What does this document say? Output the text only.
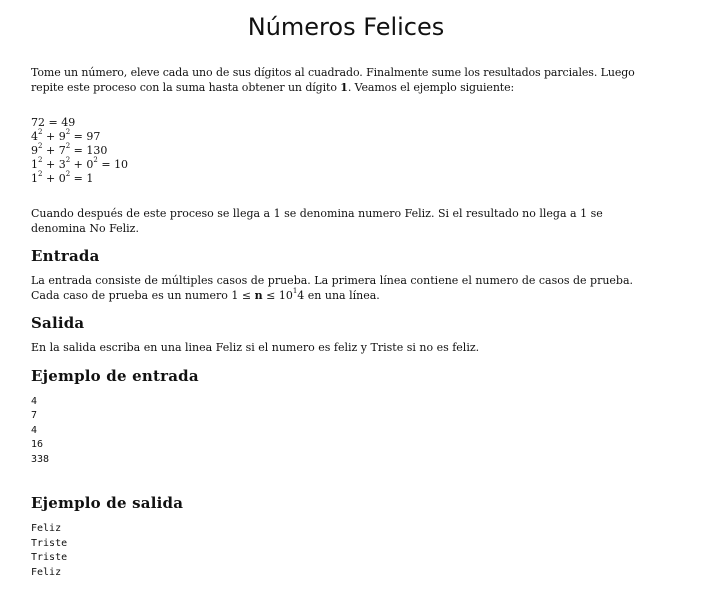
Números Felices

Tome un número, eleve cada uno de sus dígitos al cuadrado. Finalmente sume los resultados parciales. Luego repite este proceso con la suma hasta obtener un dígito 1. Veamos el ejemplo siguiente:

72 = 49
$4^2 + 9^2 = 97$
$9^2 + 7^2 = 130$
$1^2 + 3^2 + 0^2 = 10$
$1^2 + 0^2 = 1$

Cuando después de este proceso se llega a 1 se denomina numero Feliz. Si el resultado no llega a 1 se denomina No Feliz.

Entrada

La entrada consiste de múltiples casos de prueba. La primera línea contiene el numero de casos de prueba. Cada caso de prueba es un numero $1 \le n \le 10^14$ en una línea.

Salida

En la salida escriba en una linea Feliz si el numero es feliz y Triste si no es feliz.

Ejemplo de entrada
4
7
4
16
338
Ejemplo de salida
Feliz
Triste
Triste
Feliz
